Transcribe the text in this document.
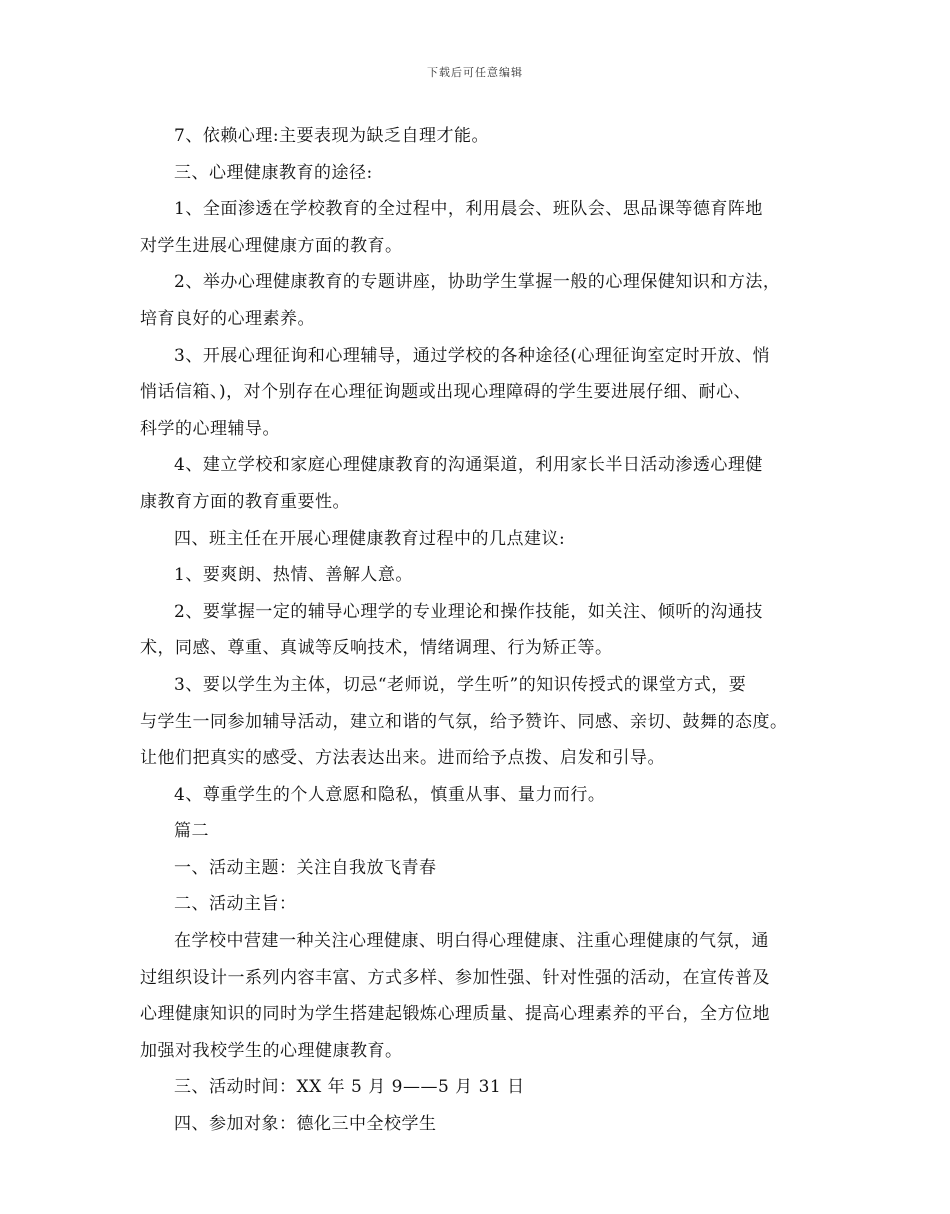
下载后可任意编辑

7、依赖心理:主要表现为缺乏自理才能。

三、心理健康教育的途径:

1、全面渗透在学校教育的全过程中，利用晨会、班队会、思品课等德育阵地

对学生进展心理健康方面的教育。

2、举办心理健康教育的专题讲座，协助学生掌握一般的心理保健知识和方法，

培育良好的心理素养。

3、开展心理征询和心理辅导，通过学校的各种途径(心理征询室定时开放、悄

悄话信箱、)，对个别存在心理征询题或出现心理障碍的学生要进展仔细、耐心、

科学的心理辅导。

4、建立学校和家庭心理健康教育的沟通渠道，利用家长半日活动渗透心理健

康教育方面的教育重要性。

四、班主任在开展心理健康教育过程中的几点建议:

1、要爽朗、热情、善解人意。

2、要掌握一定的辅导心理学的专业理论和操作技能，如关注、倾听的沟通技

术，同感、尊重、真诚等反响技术，情绪调理、行为矫正等。

3、要以学生为主体，切忌“老师说，学生听”的知识传授式的课堂方式，要

与学生一同参加辅导活动，建立和谐的气氛，给予赞许、同感、亲切、鼓舞的态度。

让他们把真实的感受、方法表达出来。进而给予点拨、启发和引导。

4、尊重学生的个人意愿和隐私，慎重从事、量力而行。

篇二

一、活动主题：关注自我放飞青春

二、活动主旨：

在学校中营建一种关注心理健康、明白得心理健康、注重心理健康的气氛，通

过组织设计一系列内容丰富、方式多样、参加性强、针对性强的活动，在宣传普及

心理健康知识的同时为学生搭建起锻炼心理质量、提高心理素养的平台，全方位地

加强对我校学生的心理健康教育。

三、活动时间：XX 年 5 月 9——5 月 31 日

四、参加对象：德化三中全校学生
